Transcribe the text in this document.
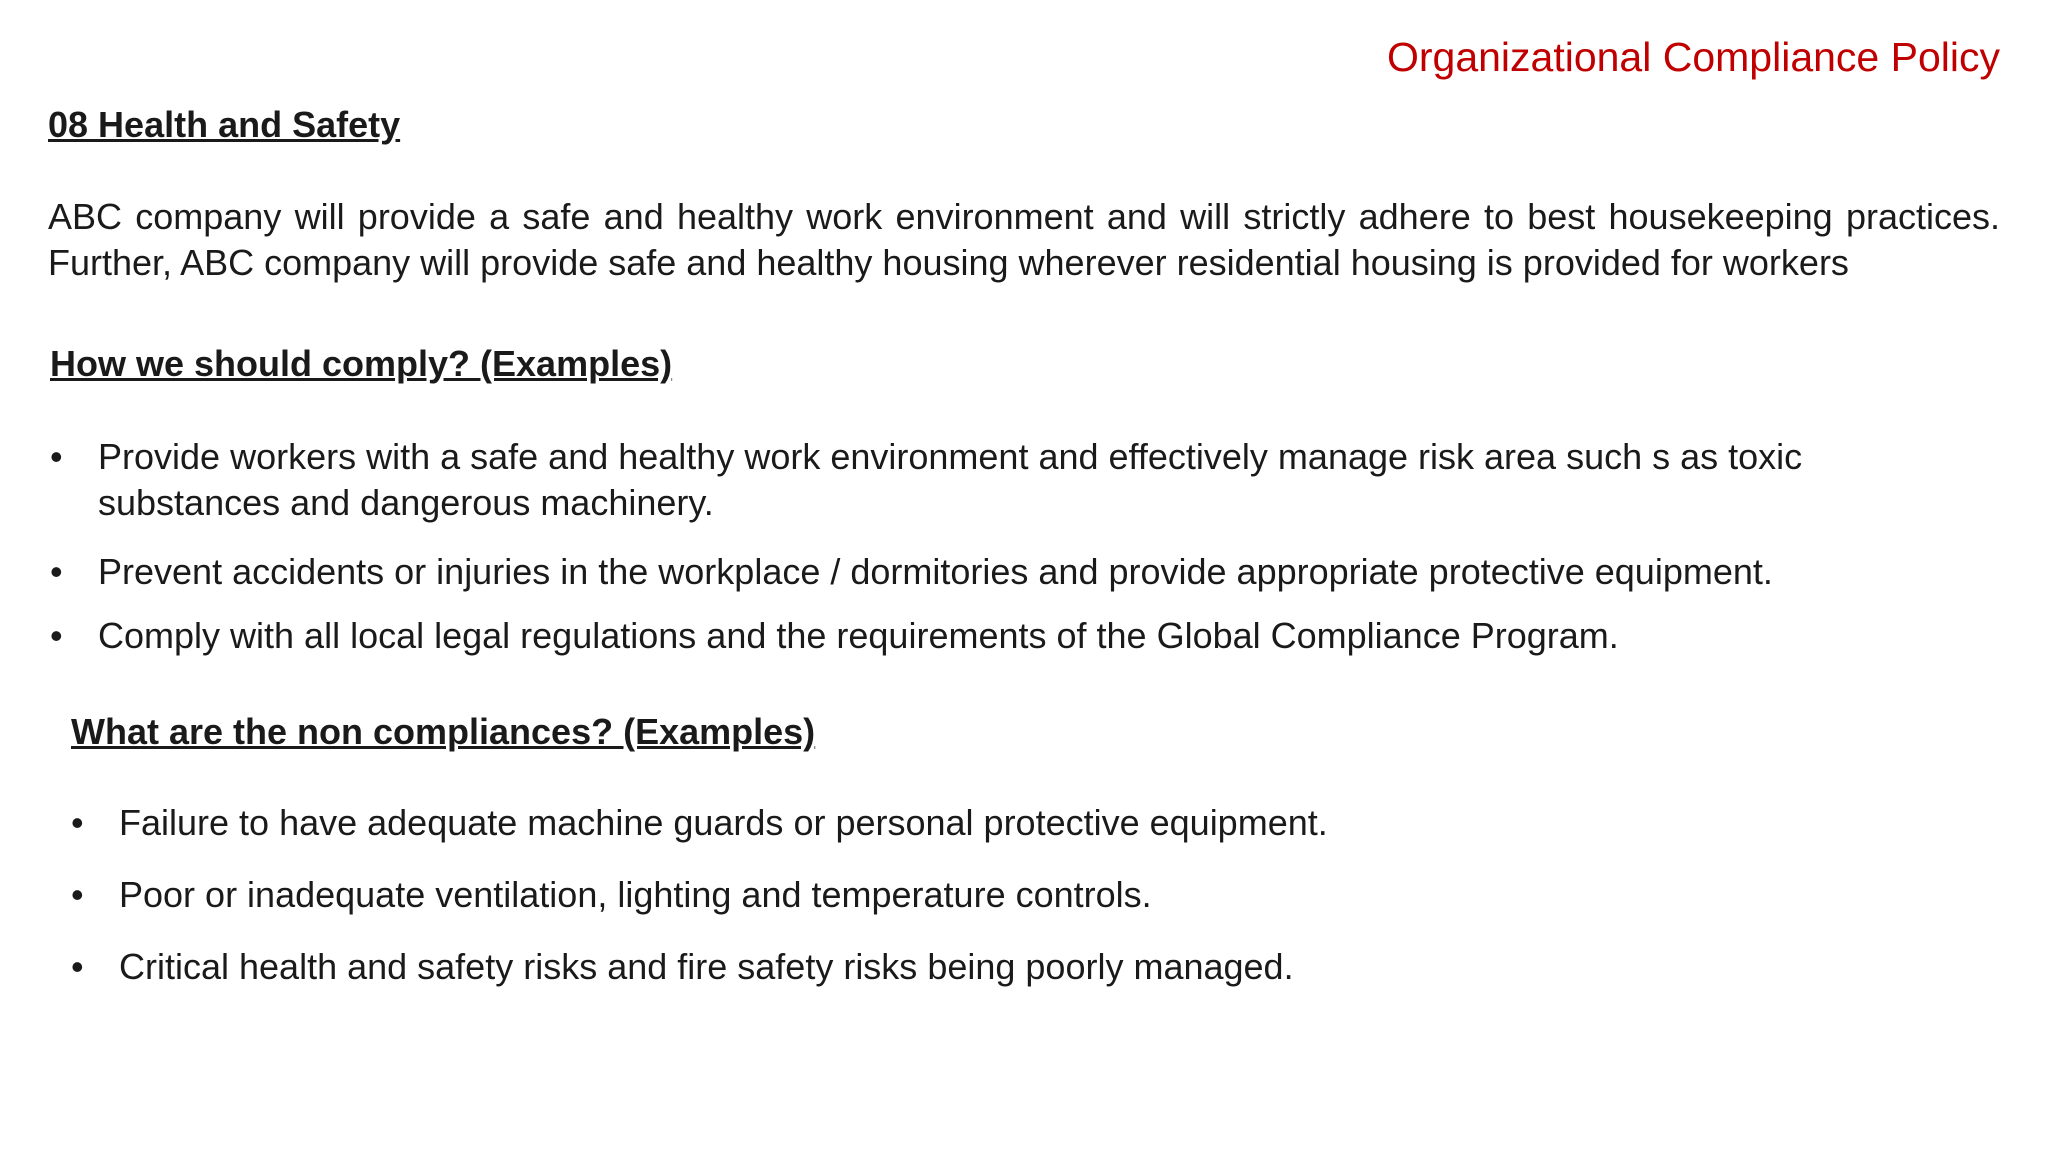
Organizational Compliance Policy
08 Health and Safety
ABC company will provide a safe and healthy work environment and will strictly adhere to best housekeeping practices. Further, ABC company will provide safe and healthy housing wherever residential housing is provided for workers
How we should comply? (Examples)
• Provide workers with a safe and healthy work environment and effectively manage risk area such s as toxic substances and dangerous machinery.
• Prevent accidents or injuries in the workplace / dormitories and provide appropriate protective equipment.
• Comply with all local legal regulations and the requirements of the Global Compliance Program.
What are the non compliances? (Examples)
• Failure to have adequate machine guards or personal protective equipment.
• Poor or inadequate ventilation, lighting and temperature controls.
• Critical health and safety risks and fire safety risks being poorly managed.
